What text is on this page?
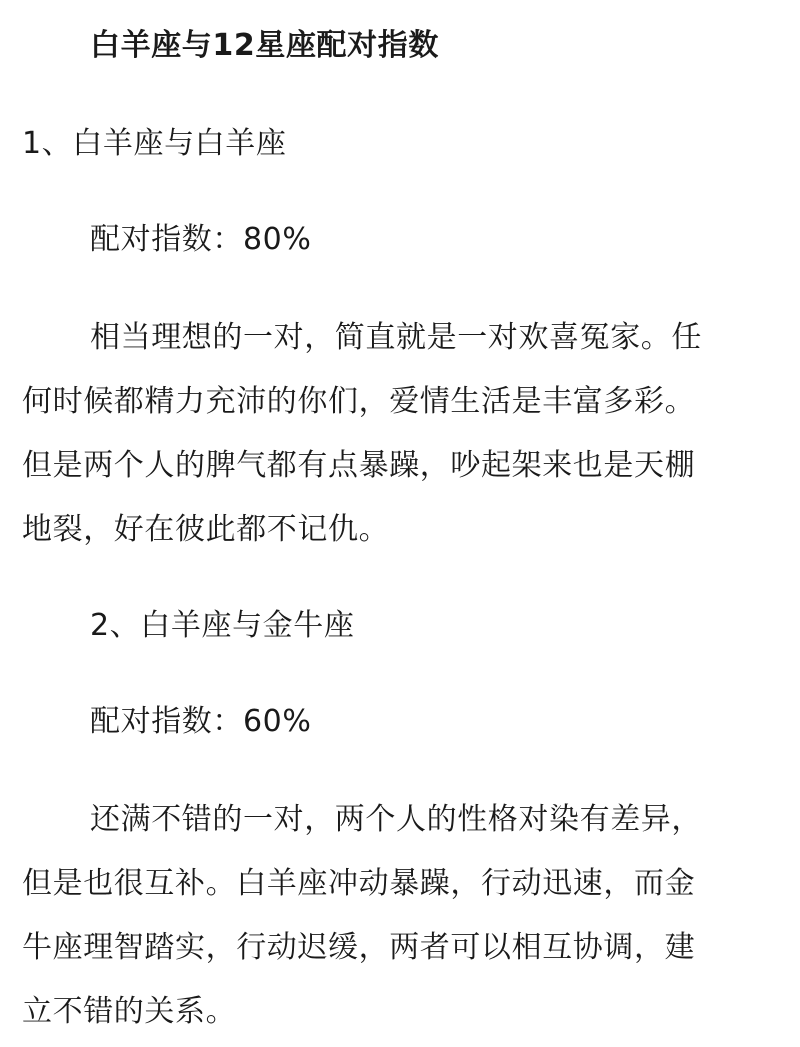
白羊座与12星座配对指数
1、白羊座与白羊座
配对指数：80%
相当理想的一对，简直就是一对欢喜冤家。任
何时候都精力充沛的你们，爱情生活是丰富多彩。
但是两个人的脾气都有点暴躁，吵起架来也是天棚
地裂，好在彼此都不记仇。
2、白羊座与金牛座
配对指数：60%
还满不错的一对，两个人的性格对染有差异，
但是也很互补。白羊座冲动暴躁，行动迅速，而金
牛座理智踏实，行动迟缓，两者可以相互协调，建
立不错的关系。
